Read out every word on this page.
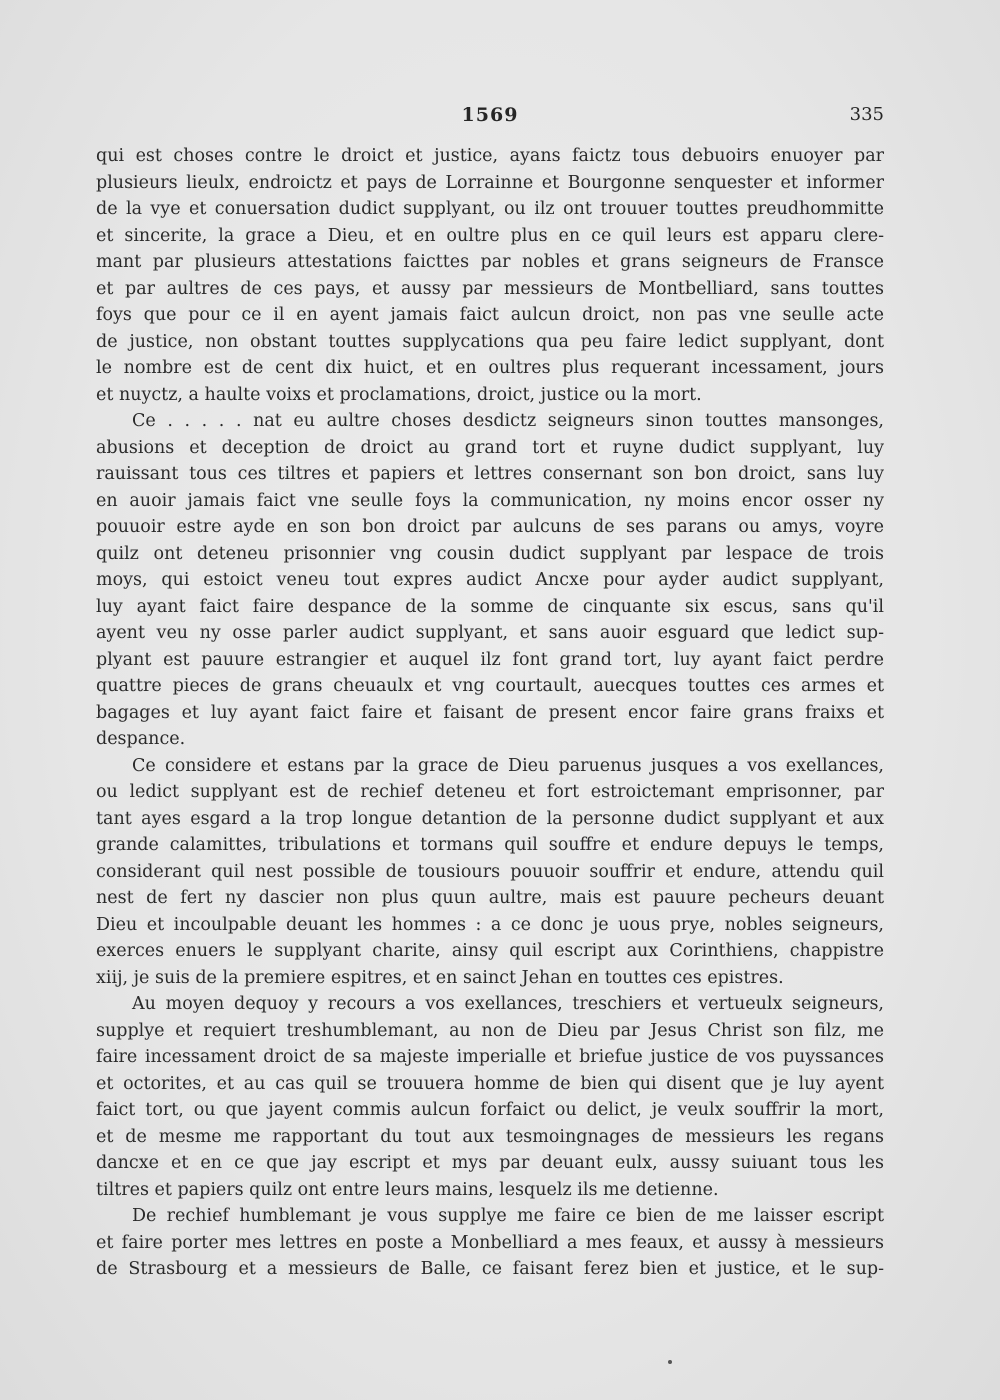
1569	335
qui est choses contre le droict et justice, ayans faictz tous debuoirs enuoyer par
plusieurs lieulx, endroictz et pays de Lorrainne et Bourgonne senquester et informer
de la vye et conuersation dudict supplyant, ou ilz ont trouuer touttes preudhommitte
et sincerite, la grace a Dieu, et en oultre plus en ce quil leurs est apparu clere-
mant par plusieurs attestations faicttes par nobles et grans seigneurs de Fransce
et par aultres de ces pays, et aussy par messieurs de Montbelliard, sans touttes
foys que pour ce il en ayent jamais faict aulcun droict, non pas vne seulle acte
de justice, non obstant touttes supplycations qua peu faire ledict supplyant, dont
le nombre est de cent dix huict, et en oultres plus requerant incessament, jours
et nuyctz, a haulte voixs et proclamations, droict, justice ou la mort.
Ce . . . . . nat eu aultre choses desdictz seigneurs sinon touttes mansonges,
abusions et deception de droict au grand tort et ruyne dudict supplyant, luy
rauissant tous ces tiltres et papiers et lettres consernant son bon droict, sans luy
en auoir jamais faict vne seulle foys la communication, ny moins encor osser ny
pouuoir estre ayde en son bon droict par aulcuns de ses parans ou amys, voyre
quilz ont deteneu prisonnier vng cousin dudict supplyant par lespace de trois
moys, qui estoict veneu tout expres audict Ancxe pour ayder audict supplyant,
luy ayant faict faire despance de la somme de cinquante six escus, sans qu'il
ayent veu ny osse parler audict supplyant, et sans auoir esguard que ledict sup-
plyant est pauure estrangier et auquel ilz font grand tort, luy ayant faict perdre
quattre pieces de grans cheuaulx et vng courtault, auecques touttes ces armes et
bagages et luy ayant faict faire et faisant de present encor faire grans fraixs et
despance.
Ce considere et estans par la grace de Dieu paruenus jusques a vos exellances,
ou ledict supplyant est de rechief deteneu et fort estroictemant emprisonner, par
tant ayes esgard a la trop longue detantion de la personne dudict supplyant et aux
grande calamittes, tribulations et tormans quil souffre et endure depuys le temps,
considerant quil nest possible de tousiours pouuoir souffrir et endure, attendu quil
nest de fert ny dascier non plus quun aultre, mais est pauure pecheurs deuant
Dieu et incoulpable deuant les hommes : a ce donc je uous prye, nobles seigneurs,
exerces enuers le supplyant charite, ainsy quil escript aux Corinthiens, chappistre
xiij, je suis de la premiere espitres, et en sainct Jehan en touttes ces epistres.
Au moyen dequoy y recours a vos exellances, treschiers et vertueulx seigneurs,
supplye et requiert treshumblemant, au non de Dieu par Jesus Christ son filz, me
faire incessament droict de sa majeste imperialle et briefue justice de vos puyssances
et octorites, et au cas quil se trouuera homme de bien qui disent que je luy ayent
faict tort, ou que jayent commis aulcun forfaict ou delict, je veulx souffrir la mort,
et de mesme me rapportant du tout aux tesmoingnages de messieurs les regans
dancxe et en ce que jay escript et mys par deuant eulx, aussy suiuant tous les
tiltres et papiers quilz ont entre leurs mains, lesquelz ils me detienne.
De rechief humblemant je vous supplye me faire ce bien de me laisser escript
et faire porter mes lettres en poste a Monbelliard a mes feaux, et aussy à messieurs
de Strasbourg et a messieurs de Balle, ce faisant ferez bien et justice, et le sup-
